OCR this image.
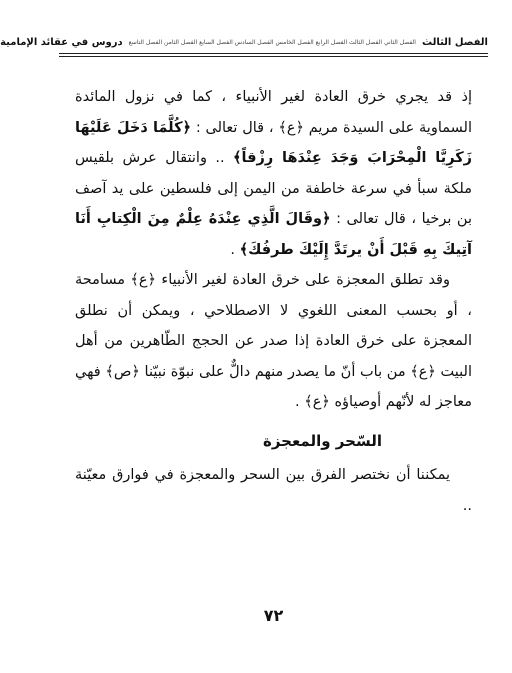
الفصل الثالث
الفصل الثاني الفصل الثالث الفصل الرابع الفصل الخامس الفصل السادس الفصل السابع الفصل الثامن الفصل التاسع
دروس في عقائد الإمامية

إذ قد يجري خرق العادة لغير الأنبياء ، كما في نزول المائدة السماوية على السيدة مريم ﴿ع﴾ ، قال تعالى : ﴿كُلَّمَا دَخَلَ عَلَيْهَا زَكَرِيَّا الْمِحْرَابَ وَجَدَ عِنْدَهَا رِزْقاً﴾ .. وانتقال عرش بلقيس ملكة سبأ في سرعة خاطفة من اليمن إلى فلسطين على يد آصف بن برخيا ، قال تعالى : ﴿وقَالَ الَّذِي عِنْدَهُ عِلْمٌ مِنَ الْكِتابِ أَنَا آتِيكَ بِهِ قَبْلَ أَنْ يرتَدَّ إِلَيْكَ طرفُكَ﴾ .

وقد تطلق المعجزة على خرق العادة لغير الأنبياء ﴿ع﴾ مسامحة ، أو بحسب المعنى اللغوي لا الاصطلاحي ، ويمكن أن نطلق المعجزة على خرق العادة إذا صدر عن الحجج الطّاهرين من أهل البيت ﴿ع﴾ من باب أنّ ما يصدر منهم دالٌّ على نبوّة نبيّنا ﴿ص﴾ فهي معاجز له لأنّهم أوصياؤه ﴿ع﴾ .

السّحر والمعجزة

يمكننا أن نختصر الفرق بين السحر والمعجزة في فوارق معيّنة ..

٧٢
